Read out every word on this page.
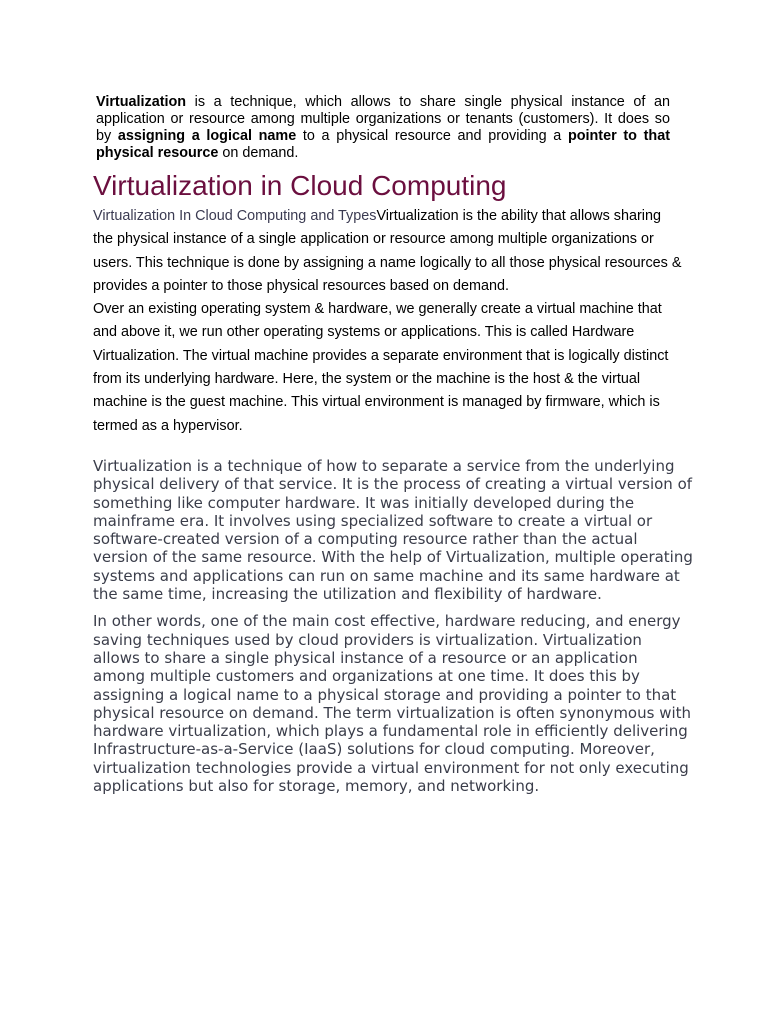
Virtualization is a technique, which allows to share single physical instance of an application or resource among multiple organizations or tenants (customers). It does so by assigning a logical name to a physical resource and providing a pointer to that physical resource on demand.

Virtualization in Cloud Computing

Virtualization In Cloud Computing and TypesVirtualization is the ability that allows sharing the physical instance of a single application or resource among multiple organizations or users. This technique is done by assigning a name logically to all those physical resources & provides a pointer to those physical resources based on demand.

Over an existing operating system & hardware, we generally create a virtual machine that and above it, we run other operating systems or applications. This is called Hardware Virtualization. The virtual machine provides a separate environment that is logically distinct from its underlying hardware. Here, the system or the machine is the host & the virtual machine is the guest machine. This virtual environment is managed by firmware, which is termed as a hypervisor.

Virtualization is a technique of how to separate a service from the underlying physical delivery of that service. It is the process of creating a virtual version of something like computer hardware. It was initially developed during the mainframe era. It involves using specialized software to create a virtual or software-created version of a computing resource rather than the actual version of the same resource. With the help of Virtualization, multiple operating systems and applications can run on same machine and its same hardware at the same time, increasing the utilization and flexibility of hardware.

In other words, one of the main cost effective, hardware reducing, and energy saving techniques used by cloud providers is virtualization. Virtualization allows to share a single physical instance of a resource or an application among multiple customers and organizations at one time. It does this by assigning a logical name to a physical storage and providing a pointer to that physical resource on demand. The term virtualization is often synonymous with hardware virtualization, which plays a fundamental role in efficiently delivering Infrastructure-as-a-Service (IaaS) solutions for cloud computing. Moreover, virtualization technologies provide a virtual environment for not only executing applications but also for storage, memory, and networking.
